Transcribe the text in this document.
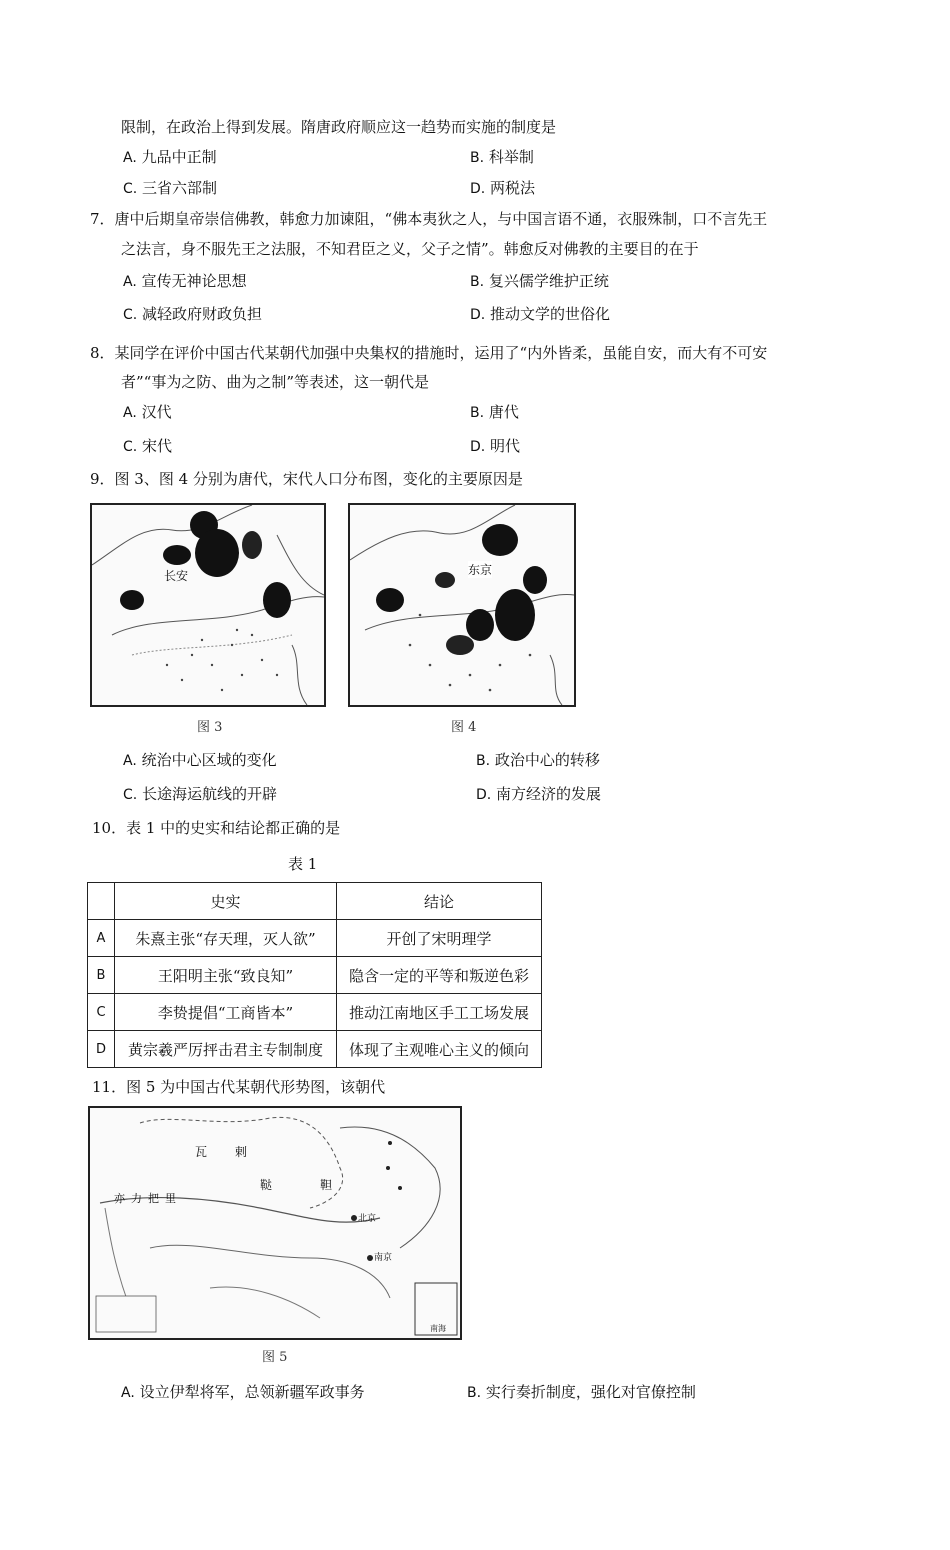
限制，在政治上得到发展。隋唐政府顺应这一趋势而实施的制度是
A. 九品中正制	B. 科举制
C. 三省六部制	D. 两税法
7．唐中后期皇帝崇信佛教，韩愈力加谏阻，“佛本夷狄之人，与中国言语不通，衣服殊制，口不言先王
之法言，身不服先王之法服，不知君臣之义，父子之情”。韩愈反对佛教的主要目的在于
A. 宣传无神论思想	B. 复兴儒学维护正统
C. 减轻政府财政负担	D. 推动文学的世俗化
8．某同学在评价中国古代某朝代加强中央集权的措施时，运用了“内外皆柔，虽能自安，而大有不可安
者”“事为之防、曲为之制”等表述，这一朝代是
A. 汉代	B. 唐代
C. 宋代	D. 明代
9．图 3、图 4 分别为唐代，宋代人口分布图，变化的主要原因是
长安
图 3
东京
图 4
A. 统治中心区域的变化	B. 政治中心的转移
C. 长途海运航线的开辟	D. 南方经济的发展
10．表 1 中的史实和结论都正确的是
表 1
	史实	结论
A	朱熹主张“存天理，灭人欲”	开创了宋明理学
B	王阳明主张“致良知”	隐含一定的平等和叛逆色彩
C	李贽提倡“工商皆本”	推动江南地区手工工场发展
D	黄宗羲严厉抨击君主专制制度	体现了主观唯心主义的倾向
11．图 5 为中国古代某朝代形势图，该朝代
瓦 剌
鞑	靼
亦力把里
北京
南京
南海
图 5
A. 设立伊犁将军，总领新疆军政事务	B. 实行奏折制度，强化对官僚控制
